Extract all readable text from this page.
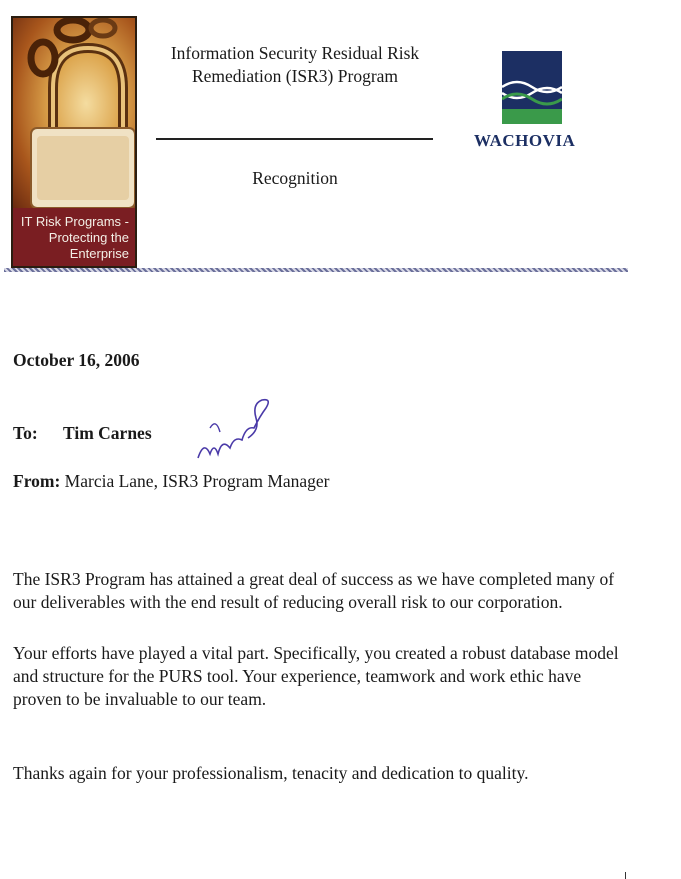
IT Risk Programs -
Protecting the
Enterprise
Information Security Residual Risk
Remediation (ISR3) Program
Recognition
WACHOVIA
October 16, 2006
To: Tim Carnes
From: Marcia Lane, ISR3 Program Manager
The ISR3 Program has attained a great deal of success as we have completed many of our deliverables with the end result of reducing overall risk to our corporation.
Your efforts have played a vital part. Specifically, you created a robust database model and structure for the PURS tool. Your experience, teamwork and work ethic have proven to be invaluable to our team.
Thanks again for your professionalism, tenacity and dedication to quality.
